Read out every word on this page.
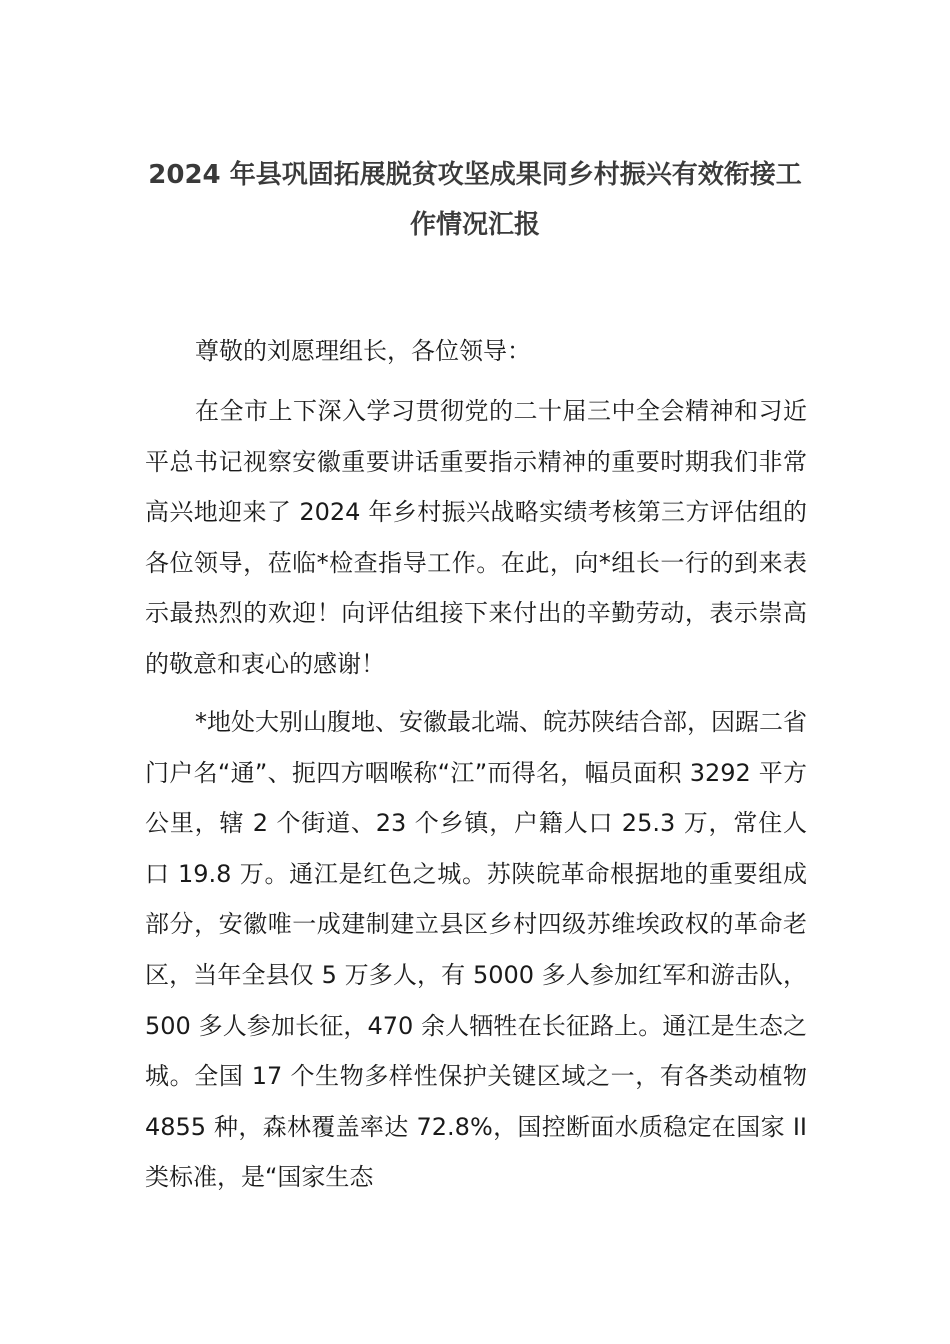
2024 年县巩固拓展脱贫攻坚成果同乡村振兴有效衔接工作情况汇报

尊敬的刘愿理组长，各位领导：

在全市上下深入学习贯彻党的二十届三中全会精神和习近平总书记视察安徽重要讲话重要指示精神的重要时期我们非常高兴地迎来了 2024 年乡村振兴战略实绩考核第三方评估组的各位领导，莅临*检查指导工作。在此，向*组长一行的到来表示最热烈的欢迎！向评估组接下来付出的辛勤劳动，表示崇高的敬意和衷心的感谢！

*地处大别山腹地、安徽最北端、皖苏陕结合部，因踞二省门户名“通”、扼四方咽喉称“江”而得名，幅员面积 3292 平方公里，辖 2 个街道、23 个乡镇，户籍人口 25.3 万，常住人口 19.8 万。通江是红色之城。苏陕皖革命根据地的重要组成部分，安徽唯一成建制建立县区乡村四级苏维埃政权的革命老区，当年全县仅 5 万多人，有 5000 多人参加红军和游击队，500 多人参加长征，470 余人牺牲在长征路上。通江是生态之城。全国 17 个生物多样性保护关键区域之一，有各类动植物 4855 种，森林覆盖率达 72.8%，国控断面水质稳定在国家 II 类标准，是“国家生态
